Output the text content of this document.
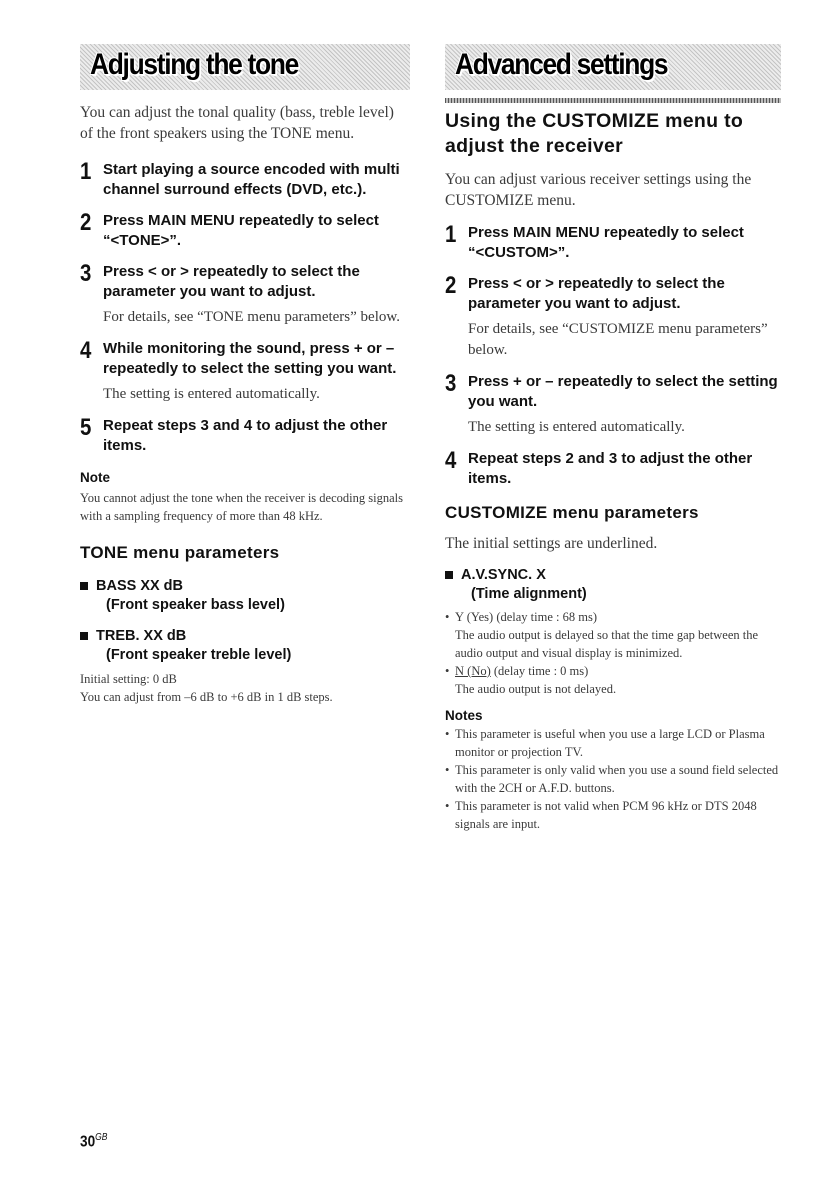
Adjusting the tone

You can adjust the tonal quality (bass, treble level) of the front speakers using the TONE menu.

1 Start playing a source encoded with multi channel surround effects (DVD, etc.).

2 Press MAIN MENU repeatedly to select “<TONE>”.

3 Press < or > repeatedly to select the parameter you want to adjust.

For details, see “TONE menu parameters” below.

4 While monitoring the sound, press + or – repeatedly to select the setting you want.

The setting is entered automatically.

5 Repeat steps 3 and 4 to adjust the other items.

Note

You cannot adjust the tone when the receiver is decoding signals with a sampling frequency of more than 48 kHz.

TONE menu parameters

BASS XX dB
(Front speaker bass level)
TREB. XX dB
(Front speaker treble level)

Initial setting: 0 dB

You can adjust from –6 dB to +6 dB in 1 dB steps.

Advanced settings

Using the CUSTOMIZE menu to adjust the receiver

You can adjust various receiver settings using the CUSTOMIZE menu.

1 Press MAIN MENU repeatedly to select “<CUSTOM>”.

2 Press < or > repeatedly to select the parameter you want to adjust.

For details, see “CUSTOMIZE menu parameters” below.

3 Press + or – repeatedly to select the setting you want.

The setting is entered automatically.

4 Repeat steps 2 and 3 to adjust the other items.

CUSTOMIZE menu parameters

The initial settings are underlined.

A.V.SYNC. X
(Time alignment)
• Y (Yes) (delay time : 68 ms)
The audio output is delayed so that the time gap between the audio output and visual display is minimized.
• N (No) (delay time : 0 ms)
The audio output is not delayed.
Notes
• This parameter is useful when you use a large LCD or Plasma monitor or projection TV.
• This parameter is only valid when you use a sound field selected with the 2CH or A.F.D. buttons.
• This parameter is not valid when PCM 96 kHz or DTS 2048 signals are input.
$30^{GB}$
